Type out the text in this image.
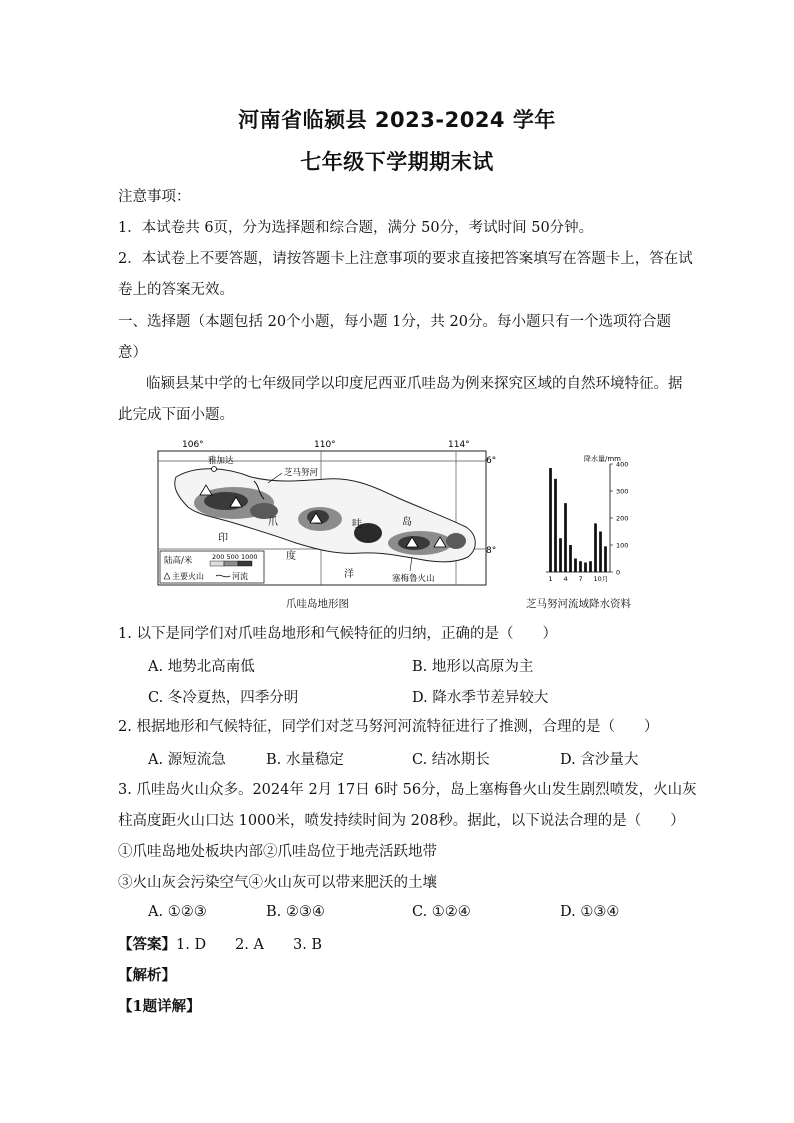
河南省临颍县 2023-2024 学年
七年级下学期期末试
注意事项：
1．本试卷共 6页，分为选择题和综合题，满分 50分，考试时间 50分钟。
2．本试卷上不要答题，请按答题卡上注意事项的要求直接把答案填写在答题卡上，答在试
卷上的答案无效。
一、选择题（本题包括 20个小题，每小题 1分，共 20分。每小题只有一个选项符合题
意）
临颍县某中学的七年级同学以印度尼西亚爪哇岛为例来探究区域的自然环境特征。据
此完成下面小题。
106°	110°	114°
6°
8°
雅加达
芝马努河
爪	哇	岛
印
度
洋	塞梅鲁火山
陆高/米	200 500 1000
主要火山	河流
爪哇岛地形图
降水量/mm
0
100
200
300
400
1 4 7 10月
芝马努河流域降水资料
1. 以下是同学们对爪哇岛地形和气候特征的归纳，正确的是（　　）
A. 地势北高南低	B. 地形以高原为主
C. 冬冷夏热，四季分明	D. 降水季节差异较大
2. 根据地形和气候特征，同学们对芝马努河河流特征进行了推测，合理的是（　　）
A. 源短流急	B. 水量稳定	C. 结冰期长	D. 含沙量大
3. 爪哇岛火山众多。2024年 2月 17日 6时 56分，岛上塞梅鲁火山发生剧烈喷发，火山灰
柱高度距火山口达 1000米，喷发持续时间为 208秒。据此，以下说法合理的是（　　）
①爪哇岛地处板块内部②爪哇岛位于地壳活跃地带
③火山灰会污染空气④火山灰可以带来肥沃的土壤
A. ①②③	B. ②③④	C. ①②④	D. ①③④
【答案】1. D　　2. A　　3. B
【解析】
【1题详解】
